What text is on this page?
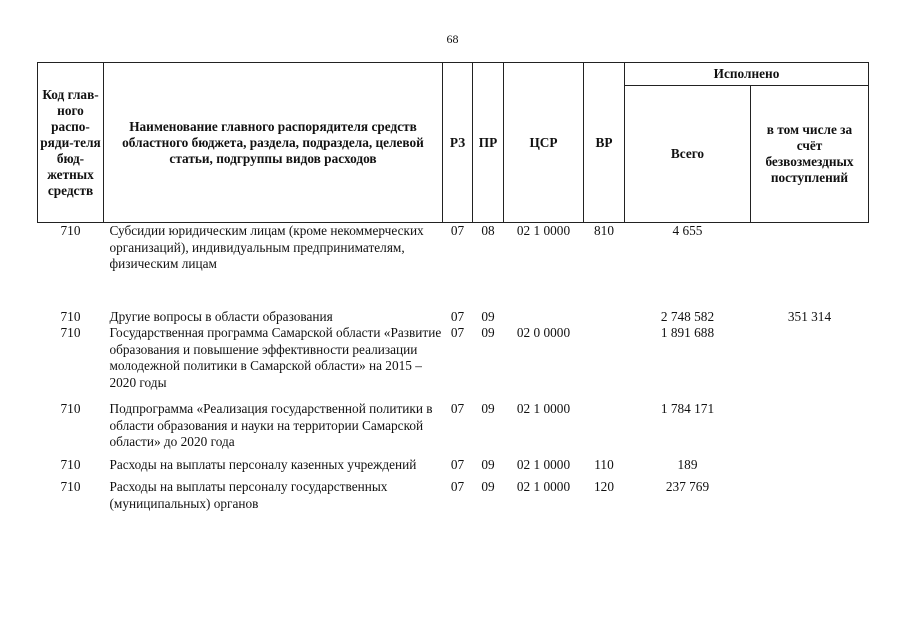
68
Код глав-ного распо-ряди-теля бюд-жетных средств	Наименование главного распорядителя средств областного бюджета, раздела, подраздела, целевой статьи, подгруппы видов расходов	РЗ	ПР	ЦСР	ВР	Исполнено	
						Всего	в том числе за счёт безвозмездных поступлений
710	Субсидии юридическим лицам (кроме некоммерческих организаций), индивидуальным предпринимателям, физическим лицам	07	08	02 1 0000	810	4 655	

710	Другие вопросы в области образования	07	09			2 748 582	351 314
710	Государственная программа Самарской области «Развитие образования и повышение эффективности реализации молодежной политики в Самарской области» на 2015 – 2020 годы	07	09	02 0 0000		1 891 688	

710	Подпрограмма «Реализация государственной политики в области образования и науки на территории Самарской области» до 2020 года	07	09	02 1 0000		1 784 171	

710	Расходы на выплаты персоналу казенных учреждений	07	09	02 1 0000	110	189	

710	Расходы на выплаты персоналу государственных (муниципальных) органов	07	09	02 1 0000	120	237 769	
